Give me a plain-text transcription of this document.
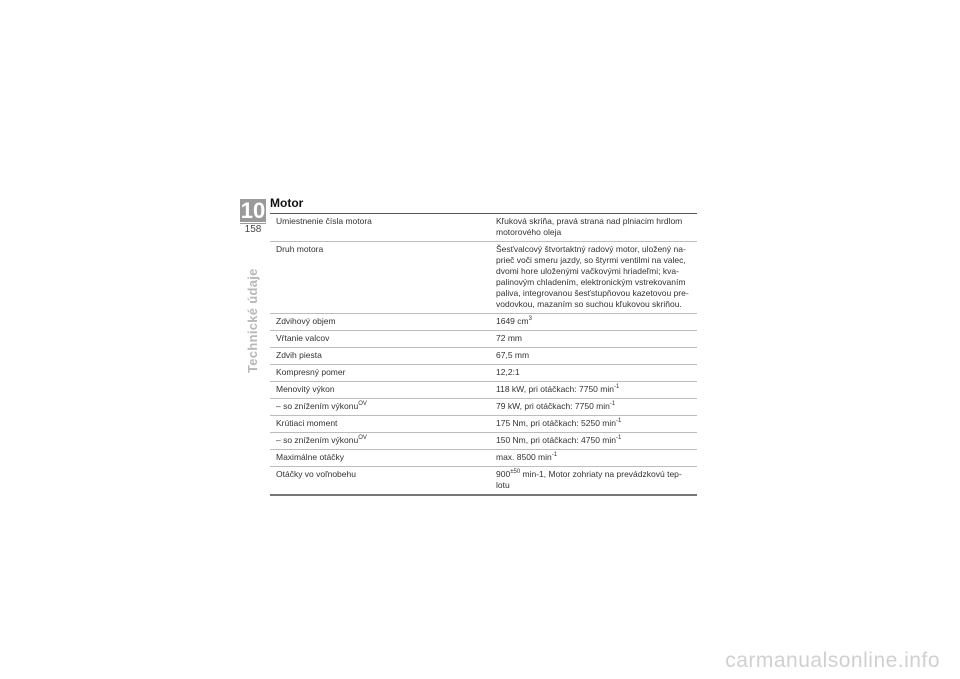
10
158
Technické údaje
Motor
Umiestnenie čísla motora	Kľuková skriňa, pravá strana nad plniacim hrdlom motorového oleja
Druh motora	Šesťvalcový štvortaktný radový motor, uložený na-prieč voči smeru jazdy, so štyrmi ventilmi na valec, dvomi hore uloženými vačkovými hriadeľmi; kva-palinovým chladením, elektronickým vstrekovaním paliva, integrovanou šesťstupňovou kazetovou pre-vodovkou, mazaním so suchou kľukovou skriňou.
Zdvihový objem	1649 $cm^3$
Vŕtanie valcov	72 mm
Zdvih piesta	67,5 mm
Kompresný pomer	12,2:1
Menovitý výkon	118 kW, pri otáčkach: 7750 $\min^{-1}$
– so znížením výkonu$^{OV}$	79 kW, pri otáčkach: 7750 $\min^{-1}$
Krútiaci moment	175 Nm, pri otáčkach: 5250 $\min^{-1}$
– so znížením výkonu$^{OV}$	150 Nm, pri otáčkach: 4750 $\min^{-1}$
Maximálne otáčky	max. 8500 $\min^{-1}$
Otáčky vo voľnobehu	$900^{\pm 50}$ min-1, Motor zohriaty na prevádzkovú tep-lotu
carmanualsonline.info
